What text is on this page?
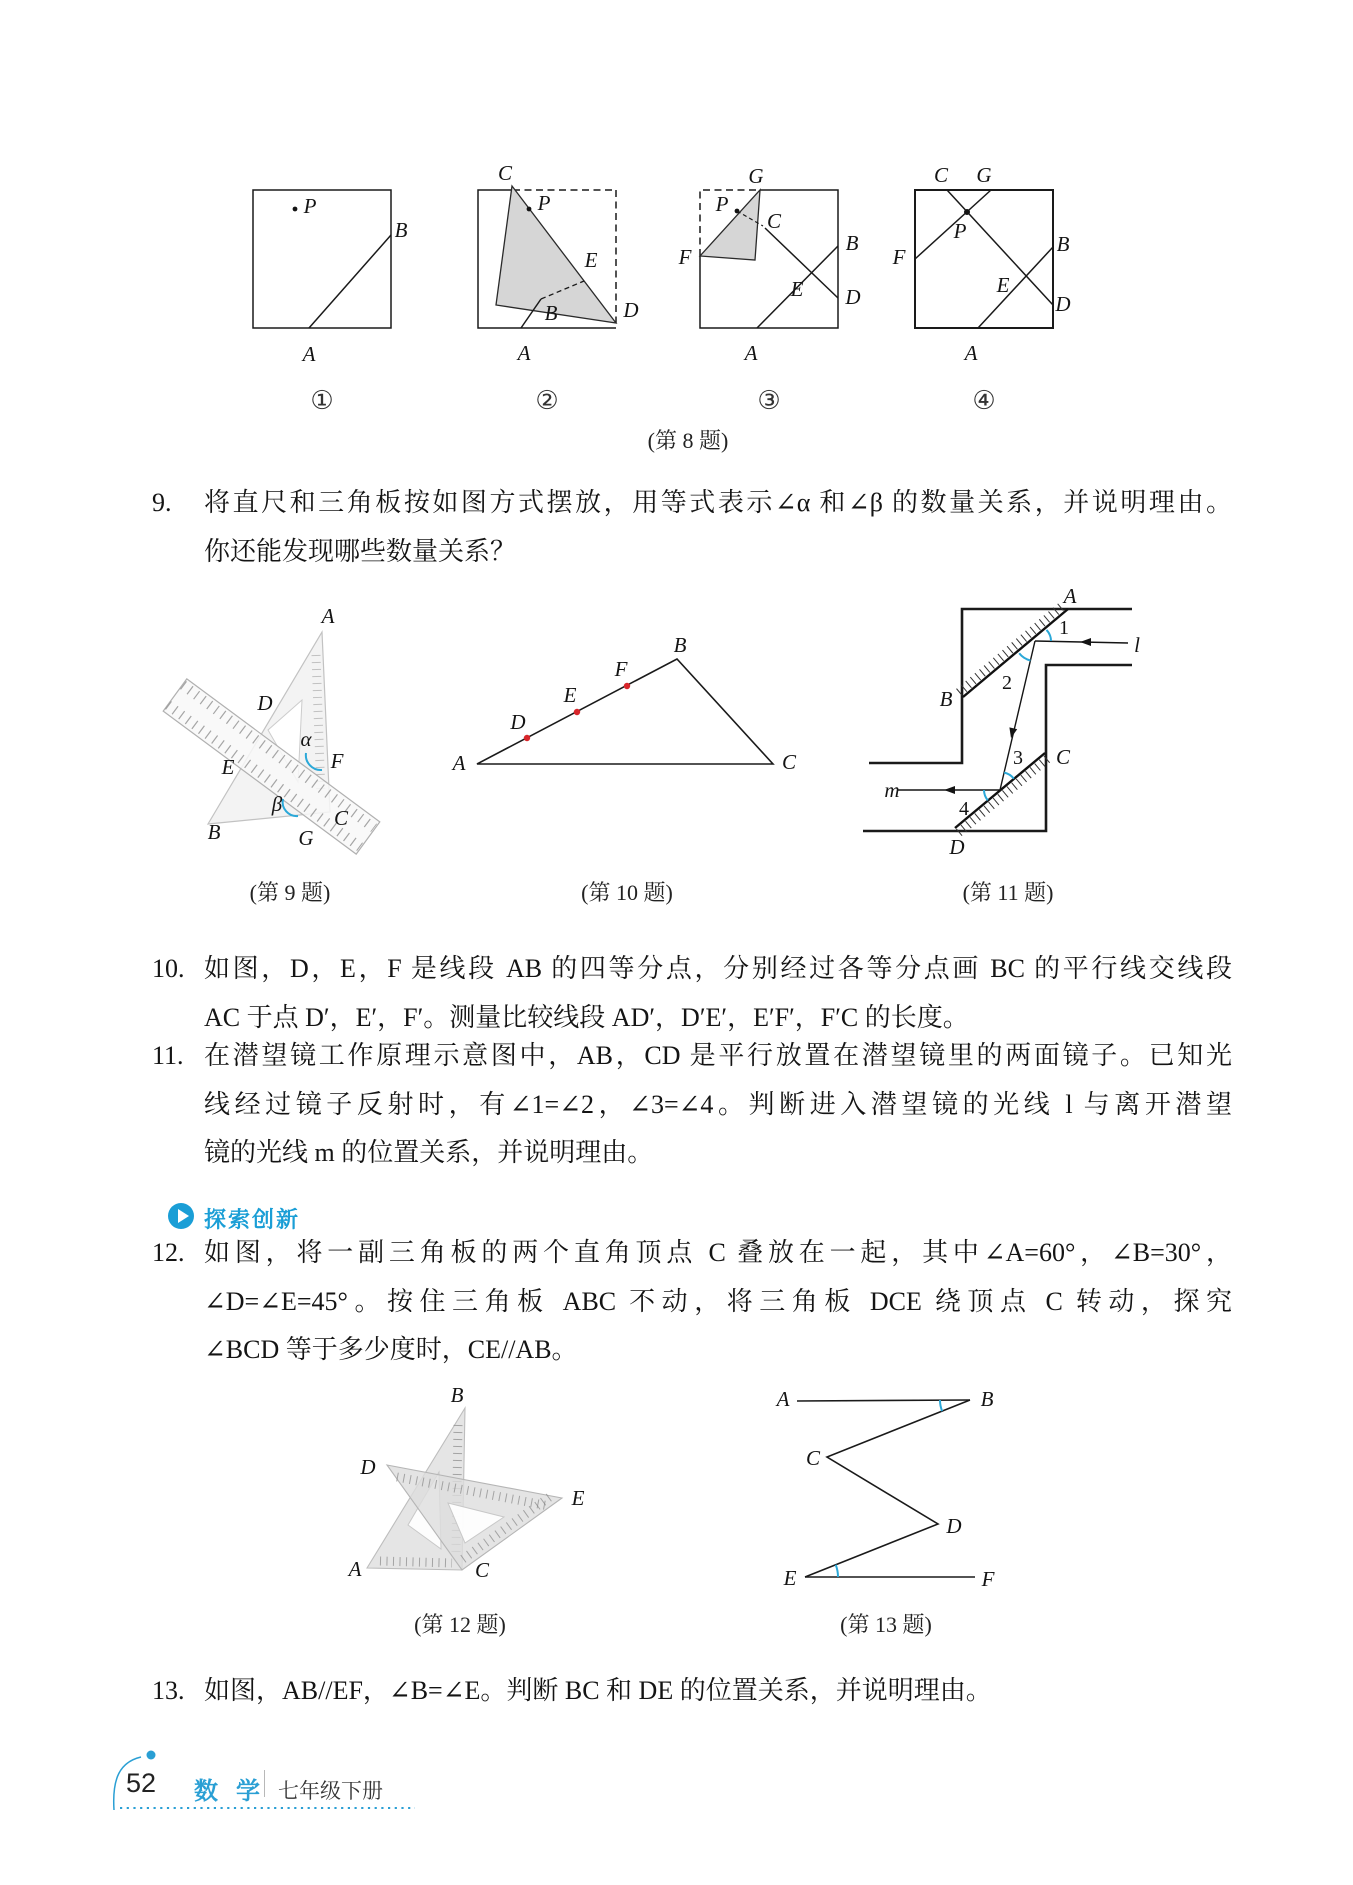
P
B
A
C
P
E
B	D
A
G
P
C
F
B
E D
A
C G
P
F
B
E
D
A
①	②	③	④
(第 8 题)
9. 将直尺和三角板按如图方式摆放，用等式表示∠α 和∠β 的数量关系，并说明理由。
你还能发现哪些数量关系？
A
D
α
E	F
β
B	G
C
A
B
C
D
E
F
A
l
1
B
2
3 C
m
4
D
(第 9 题)	(第 10 题)	(第 11 题)
10. 如图，D，E，F 是线段 AB 的四等分点，分别经过各等分点画 BC 的平行线交线段
AC 于点 D′，E′，F′。测量比较线段 AD′，D′E′，E′F′，F′C 的长度。
11. 在潜望镜工作原理示意图中，AB，CD 是平行放置在潜望镜里的两面镜子。已知光
线经过镜子反射时，有∠1=∠2，∠3=∠4。判断进入潜望镜的光线 l 与离开潜望
镜的光线 m 的位置关系，并说明理由。
探索创新
12. 如图，将一副三角板的两个直角顶点 C 叠放在一起，其中∠A=60°，∠B=30°，
∠D=∠E=45°。按住三角板 ABC 不动，将三角板 DCE 绕顶点 C 转动，探究
∠BCD 等于多少度时，CE//AB。
B
D
E
A	C
A	B
C
D
E	F
(第 12 题)	(第 13 题)
13. 如图，AB//EF，∠B=∠E。判断 BC 和 DE 的位置关系，并说明理由。
52 数 学 七年级下册
